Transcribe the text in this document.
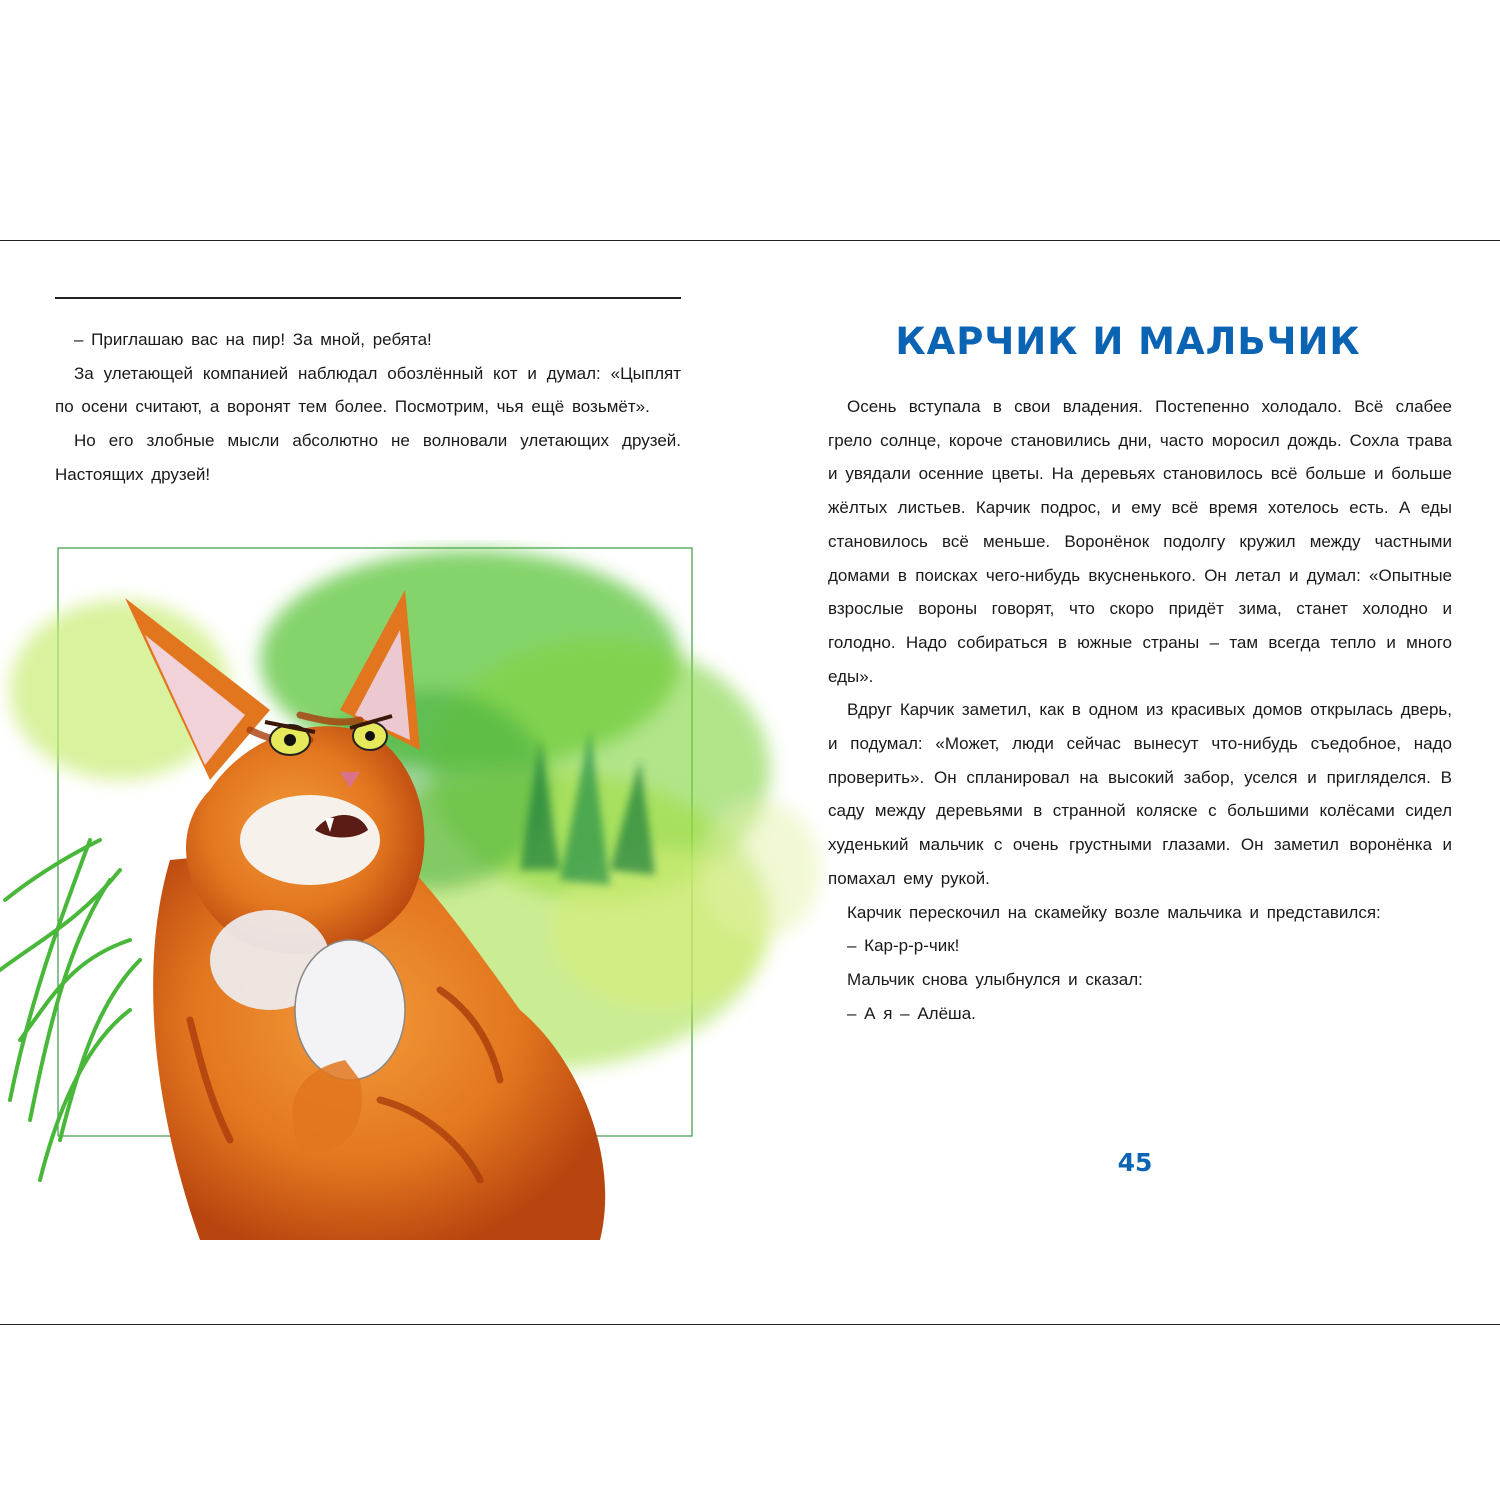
– Приглашаю вас на пир! За мной, ребята!

За улетающей компанией наблюдал обозлённый кот и думал: «Цыплят по осени считают, а воронят тем более. Посмотрим, чья ещё возьмёт».

Но его злобные мысли абсолютно не волновали улетающих друзей. Настоящих друзей!

КАРЧИК И МАЛЬЧИК

Осень вступала в свои владения. Постепенно холодало. Всё слабее грело солнце, короче становились дни, часто моросил дождь. Сохла трава и увядали осенние цветы. На деревьях становилось всё больше и больше жёлтых листьев. Карчик подрос, и ему всё время хотелось есть. А еды становилось всё меньше. Воронёнок подолгу кружил между частными домами в поисках чего-нибудь вкусненького. Он летал и думал: «Опытные взрослые вороны говорят, что скоро придёт зима, станет холодно и голодно. Надо собираться в южные страны – там всегда тепло и много еды».

Вдруг Карчик заметил, как в одном из красивых домов открылась дверь, и подумал: «Может, люди сейчас вынесут что-нибудь съедобное, надо проверить». Он спланировал на высокий забор, уселся и пригляделся. В саду между деревьями в странной коляске с большими колёсами сидел худенький мальчик с очень грустными глазами. Он заметил воронёнка и помахал ему рукой.

Карчик перескочил на скамейку возле мальчика и представился:

– Кар-р-р-чик!

Мальчик снова улыбнулся и сказал:

– А я – Алёша.

45
